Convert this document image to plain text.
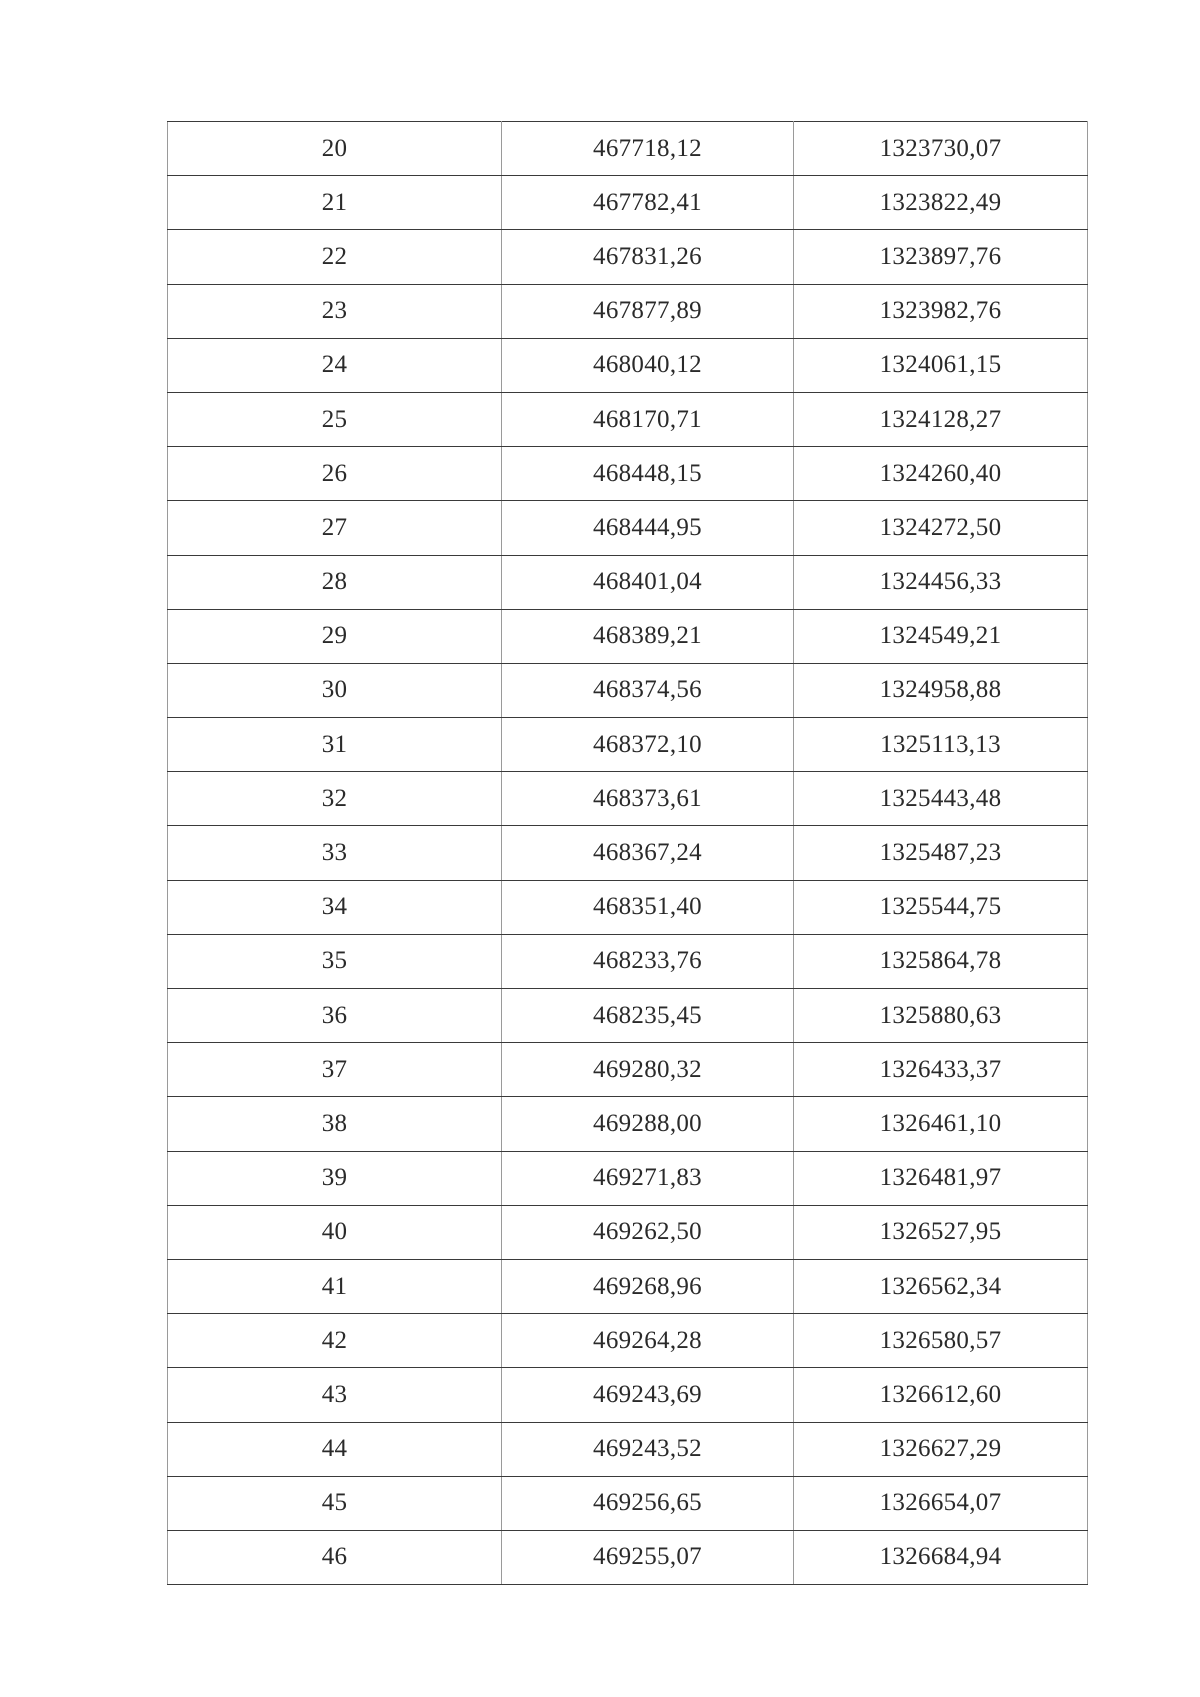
20	467718,12	1323730,07
21	467782,41	1323822,49
22	467831,26	1323897,76
23	467877,89	1323982,76
24	468040,12	1324061,15
25	468170,71	1324128,27
26	468448,15	1324260,40
27	468444,95	1324272,50
28	468401,04	1324456,33
29	468389,21	1324549,21
30	468374,56	1324958,88
31	468372,10	1325113,13
32	468373,61	1325443,48
33	468367,24	1325487,23
34	468351,40	1325544,75
35	468233,76	1325864,78
36	468235,45	1325880,63
37	469280,32	1326433,37
38	469288,00	1326461,10
39	469271,83	1326481,97
40	469262,50	1326527,95
41	469268,96	1326562,34
42	469264,28	1326580,57
43	469243,69	1326612,60
44	469243,52	1326627,29
45	469256,65	1326654,07
46	469255,07	1326684,94
